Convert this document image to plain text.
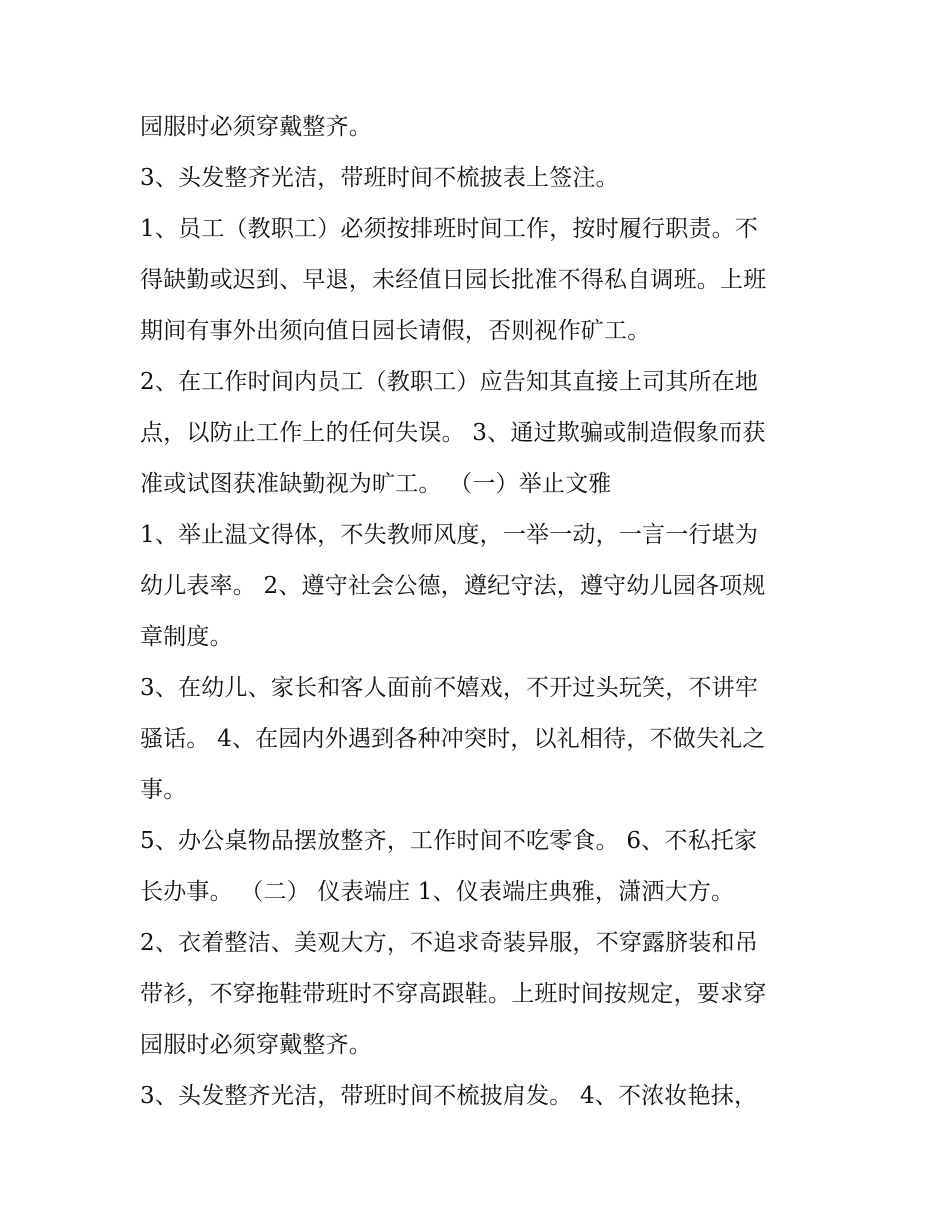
园服时必须穿戴整齐。
3、头发整齐光洁，带班时间不梳披表上签注。
1、员工（教职工）必须按排班时间工作，按时履行职责。不
得缺勤或迟到、早退，未经值日园长批准不得私自调班。上班
期间有事外出须向值日园长请假，否则视作矿工。
2、在工作时间内员工（教职工）应告知其直接上司其所在地
点，以防止工作上的任何失误。 3、通过欺骗或制造假象而获
准或试图获准缺勤视为旷工。 （一）举止文雅
1、举止温文得体，不失教师风度，一举一动，一言一行堪为
幼儿表率。 2、遵守社会公德，遵纪守法，遵守幼儿园各项规
章制度。
3、在幼儿、家长和客人面前不嬉戏，不开过头玩笑，不讲牢
骚话。 4、在园内外遇到各种冲突时，以礼相待，不做失礼之
事。
5、办公桌物品摆放整齐，工作时间不吃零食。 6、不私托家
长办事。 （二） 仪表端庄 1、仪表端庄典雅，潇洒大方。
2、衣着整洁、美观大方，不追求奇装异服，不穿露脐装和吊
带衫，不穿拖鞋带班时不穿高跟鞋。上班时间按规定，要求穿
园服时必须穿戴整齐。
3、头发整齐光洁，带班时间不梳披肩发。 4、不浓妆艳抹，
